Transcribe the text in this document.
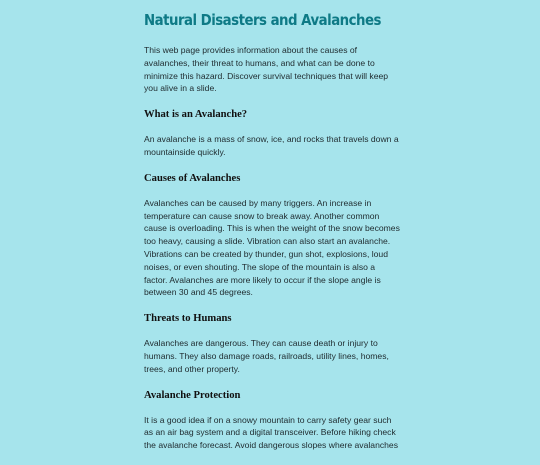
Natural Disasters and Avalanches

This web page provides information about the causes of avalanches, their threat to humans, and what can be done to minimize this hazard. Discover survival techniques that will keep you alive in a slide.

What is an Avalanche?

An avalanche is a mass of snow, ice, and rocks that travels down a mountainside quickly.

Causes of Avalanches

Avalanches can be caused by many triggers. An increase in temperature can cause snow to break away. Another common cause is overloading. This is when the weight of the snow becomes too heavy, causing a slide. Vibration can also start an avalanche. Vibrations can be created by thunder, gun shot, explosions, loud noises, or even shouting. The slope of the mountain is also a factor. Avalanches are more likely to occur if the slope angle is between 30 and 45 degrees.

Threats to Humans

Avalanches are dangerous. They can cause death or injury to humans. They also damage roads, railroads, utility lines, homes, trees, and other property.

Avalanche Protection

It is a good idea if on a snowy mountain to carry safety gear such as an air bag system and a digital transceiver. Before hiking check the avalanche forecast. Avoid dangerous slopes where avalanches
